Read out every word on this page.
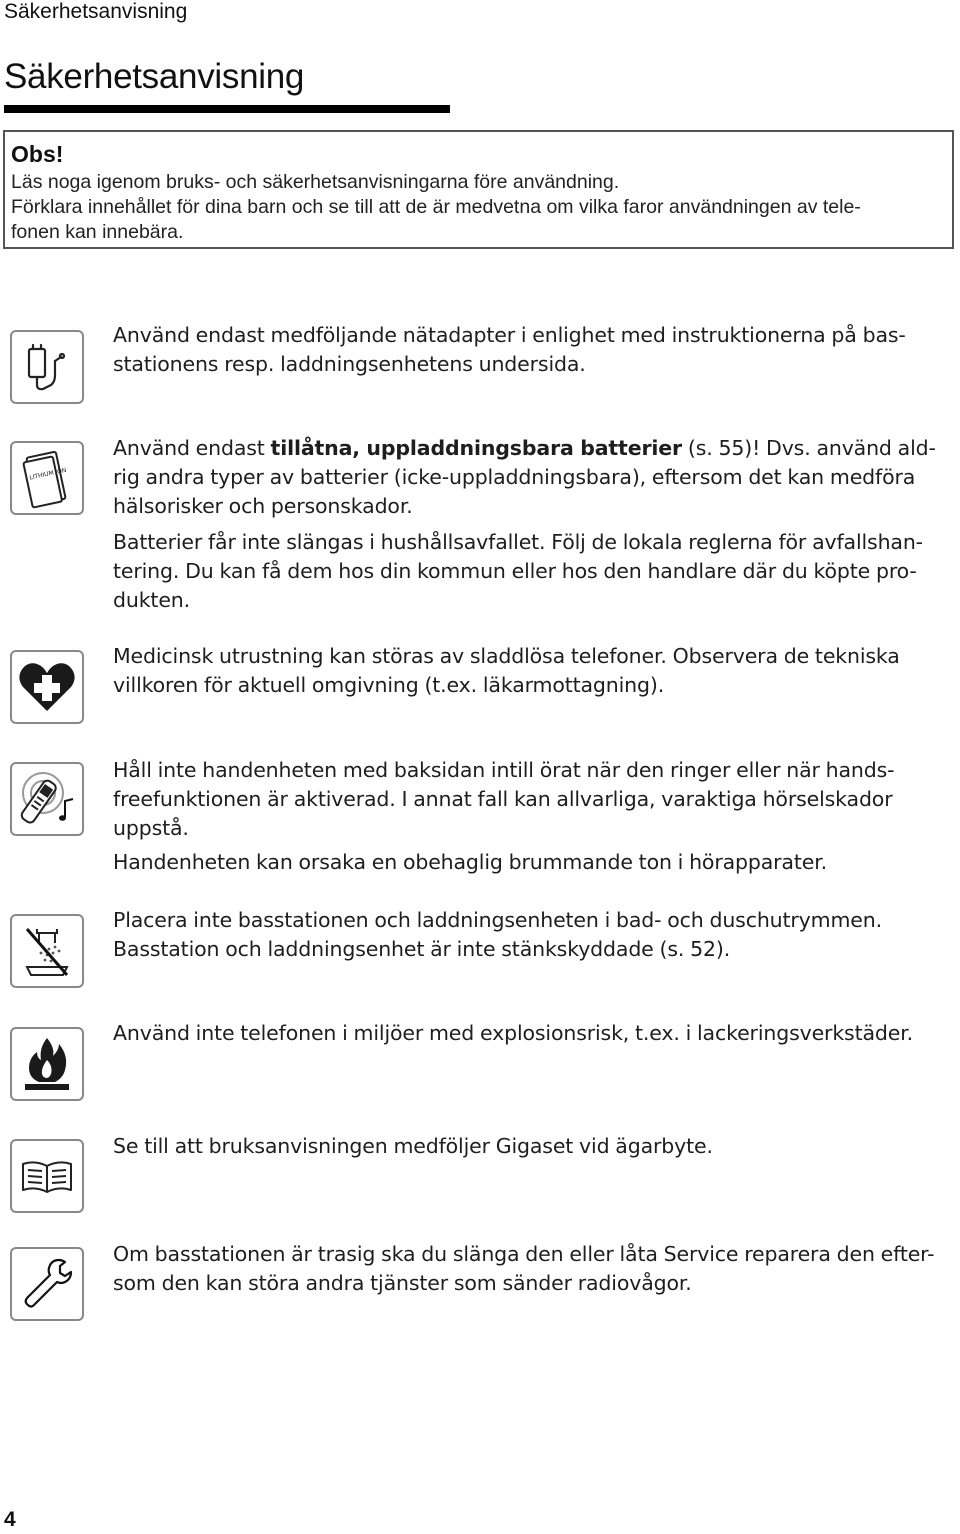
Säkerhetsanvisning
Säkerhetsanvisning
Obs!
Läs noga igenom bruks- och säkerhetsanvisningarna före användning.
Förklara innehållet för dina barn och se till att de är medvetna om vilka faror användningen av tele-
fonen kan innebära.

Använd endast medföljande nätadapter i enlighet med instruktionerna på bas-
stationens resp. laddningsenhetens undersida.

LITHIUM ION

Använd endast tillåtna, uppladdningsbara batterier (s. 55)! Dvs. använd ald-
rig andra typer av batterier (icke-uppladdningsbara), eftersom det kan medföra
hälsorisker och personskador.

Batterier får inte slängas i hushållsavfallet. Följ de lokala reglerna för avfallshan-
tering. Du kan få dem hos din kommun eller hos den handlare där du köpte pro-
dukten.

Medicinsk utrustning kan störas av sladdlösa telefoner. Observera de tekniska
villkoren för aktuell omgivning (t.ex. läkarmottagning).

Håll inte handenheten med baksidan intill örat när den ringer eller när hands-
freefunktionen är aktiverad. I annat fall kan allvarliga, varaktiga hörselskador
uppstå.

Handenheten kan orsaka en obehaglig brummande ton i hörapparater.

Placera inte basstationen och laddningsenheten i bad- och duschutrymmen.
Basstation och laddningsenhet är inte stänkskyddade (s. 52).

Använd inte telefonen i miljöer med explosionsrisk, t.ex. i lackeringsverkstäder.

Se till att bruksanvisningen medföljer Gigaset vid ägarbyte.

Om basstationen är trasig ska du slänga den eller låta Service reparera den efter-
som den kan störa andra tjänster som sänder radiovågor.

4
